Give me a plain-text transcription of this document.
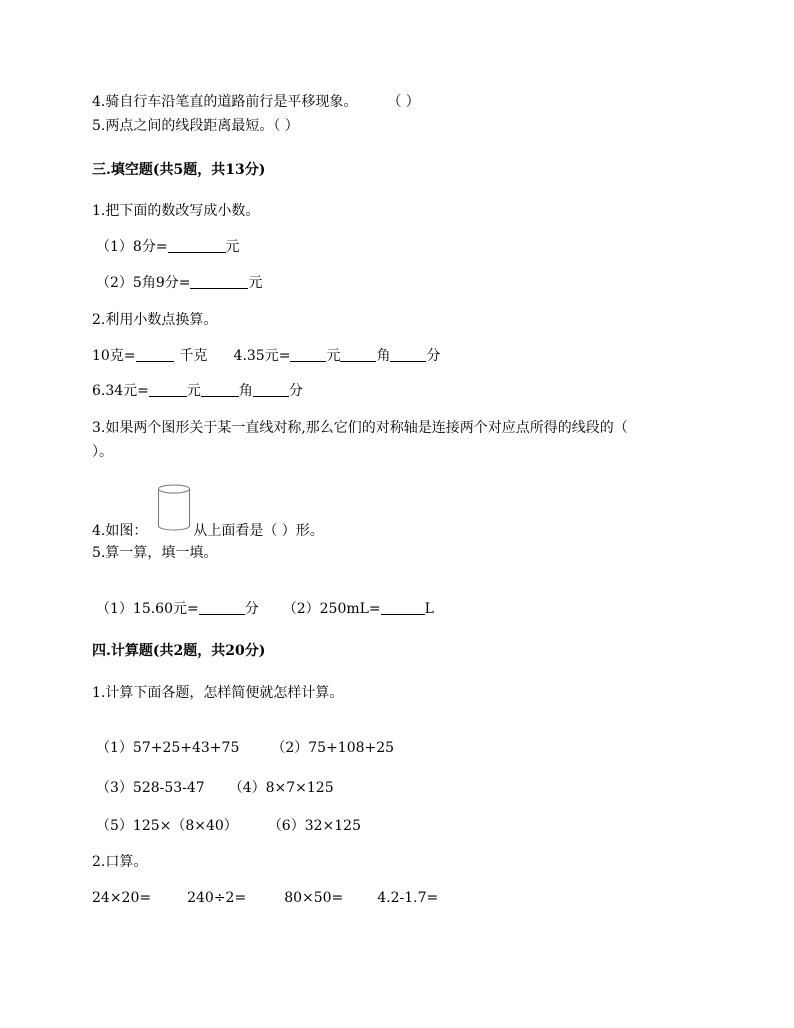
4.骑自行车沿笔直的道路前行是平移现象。 （ ）
5.两点之间的线段距离最短。（ ）
三.填空题(共5题，共13分)
1.把下面的数改写成小数。
（1）8分=	元
（2）5角9分=	元
2.利用小数点换算。
10克=	千克 4.35元=	元	角	分
6.34元=	元	角	分
3.如果两个图形关于某一直线对称,那么它们的对称轴是连接两个对应点所得的线段的（
）。
4.如图：	从上面看是（ ）形。
5.算一算，填一填。
（1）15.60元=	分 （2）250mL=	L
四.计算题(共2题，共20分)
1.计算下面各题，怎样简便就怎样计算。
（1）57+25+43+75 （2）75+108+25
（3）528-53-47 （4）8×7×125
（5）125×（8×40） （6）32×125
2.口算。
24×20=	240÷2=	80×50= 4.2-1.7=
